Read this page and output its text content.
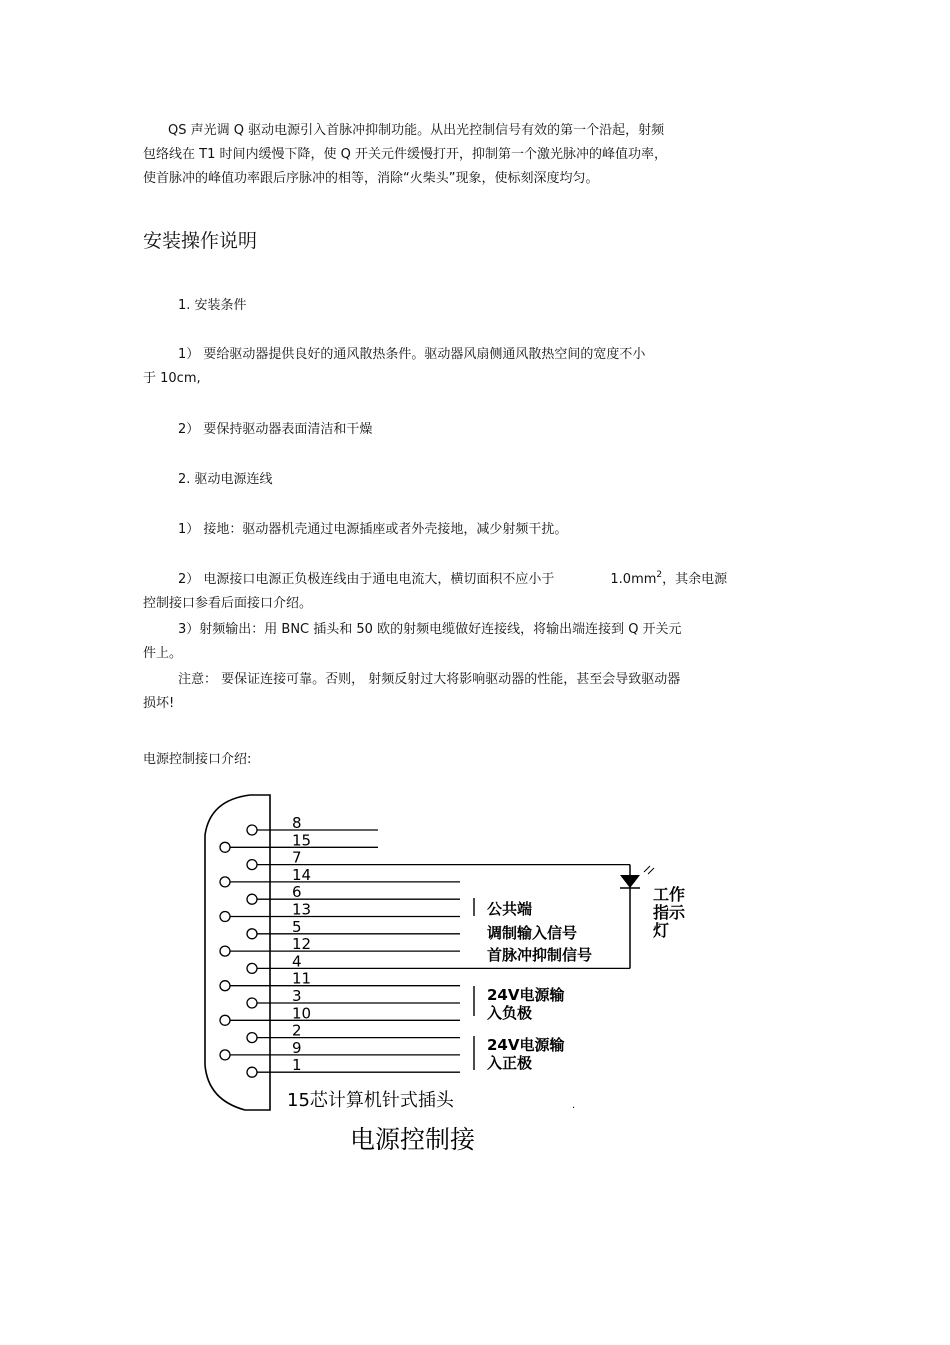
QS 声光调 Q 驱动电源引入首脉冲抑制功能。从出光控制信号有效的第一个沿起，射频
包络线在 T1 时间内缓慢下降，使 Q 开关元件缓慢打开，抑制第一个激光脉冲的峰值功率，
使首脉冲的峰值功率跟后序脉冲的相等，消除“火柴头”现象，使标刻深度均匀。
安装操作说明
1. 安装条件
1） 要给驱动器提供良好的通风散热条件。驱动器风扇侧通风散热空间的宽度不小
于 10cm,
2） 要保持驱动器表面清洁和干燥
2. 驱动电源连线
1） 接地：驱动器机壳通过电源插座或者外壳接地，减少射频干扰。
2） 电源接口电源正负极连线由于通电电流大，横切面积不应小于	$1.0mm^2$，其余电源
控制接口参看后面接口介绍。
3）射频输出：用 BNC 插头和 50 欧的射频电缆做好连接线，将输出端连接到 Q 开关元
件上。
注意： 要保证连接可靠。否则， 射频反射过大将影响驱动器的性能，甚至会导致驱动器
损坏!
电源控制接口介绍:
8
15
7
14
6
13
5
12
4
11
3
10
2
9
1
公共端
调制输入信号
首脉冲抑制信号
24V电源输
入负极
24V电源输
入正极
工作
指示
灯
15芯计算机针式插头	.
电源控制接
